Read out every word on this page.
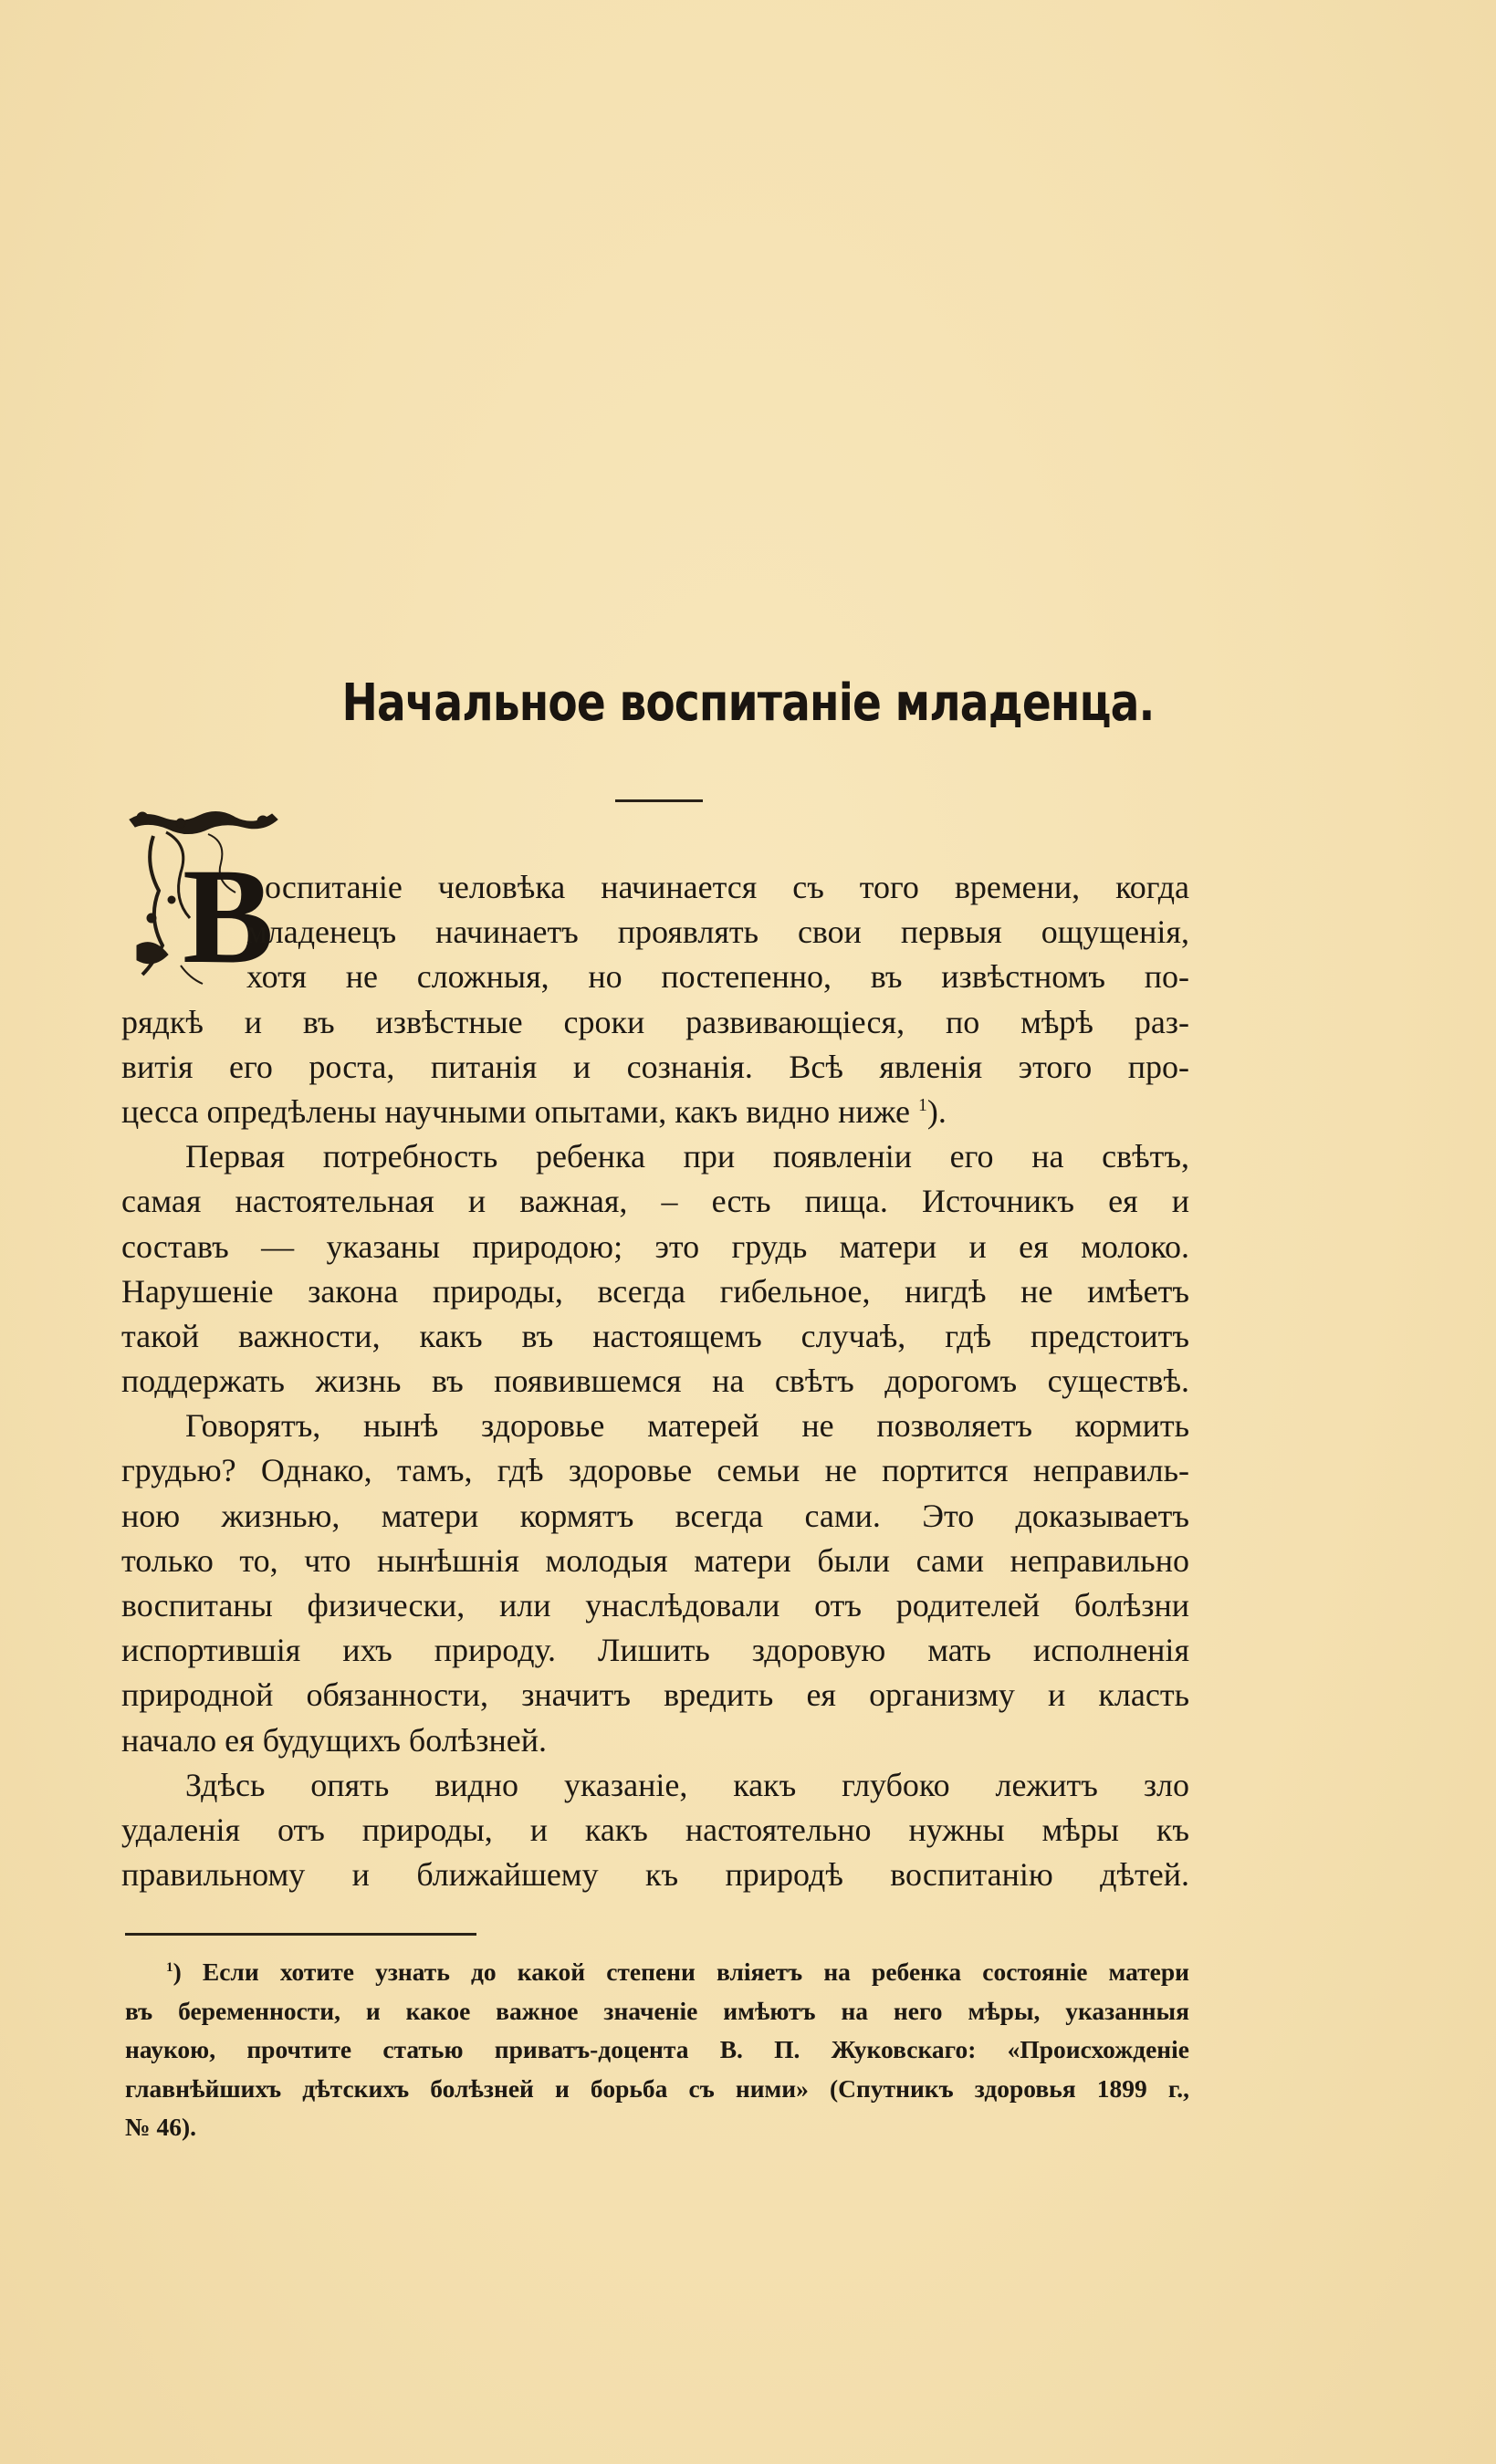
Начальное воспитаніе младенца.
В
оспитаніе человѣка начинается съ того времени, когда
младенецъ начинаетъ проявлять свои первыя ощущенія,
хотя не сложныя, но постепенно, въ извѣстномъ по-
рядкѣ и въ извѣстные сроки развивающіеся, по мѣрѣ раз-
витія его роста, питанія и сознанія. Всѣ явленія этого про-
цесса опредѣлены научными опытами, какъ видно ниже $^1$).
Первая потребность ребенка при появленіи его на свѣтъ,
самая настоятельная и важная, – есть пища. Источникъ ея и
составъ — указаны природою; это грудь матери и ея молоко.
Нарушеніе закона природы, всегда гибельное, нигдѣ не имѣетъ
такой важности, какъ въ настоящемъ случаѣ, гдѣ предстоитъ
поддержать жизнь въ появившемся на свѣтъ дорогомъ существѣ.
Говорятъ, нынѣ здоровье матерей не позволяетъ кормить
грудью? Однако, тамъ, гдѣ здоровье семьи не портится неправиль-
ною жизнью, матери кормятъ всегда сами. Это доказываетъ
только то, что нынѣшнія молодыя матери были сами неправильно
воспитаны физически, или унаслѣдовали отъ родителей болѣзни
испортившія ихъ природу. Лишить здоровую мать исполненія
природной обязанности, значитъ вредить ея организму и класть
начало ея будущихъ болѣзней.
Здѣсь опять видно указаніе, какъ глубоко лежитъ зло
удаленія отъ природы, и какъ настоятельно нужны мѣры къ
правильному и ближайшему къ природѣ воспитанію дѣтей.
$^1$) Если хотите узнать до какой степени вліяетъ на ребенка состояніе матери
въ беременности, и какое важное значеніе имѣютъ на него мѣры, указанныя
наукою, прочтите статью приватъ-доцента В. П. Жуковскаго: «Происхожденіе
главнѣйшихъ дѣтскихъ болѣзней и борьба съ ними» (Спутникъ здоровья 1899 г.,
№ 46).
